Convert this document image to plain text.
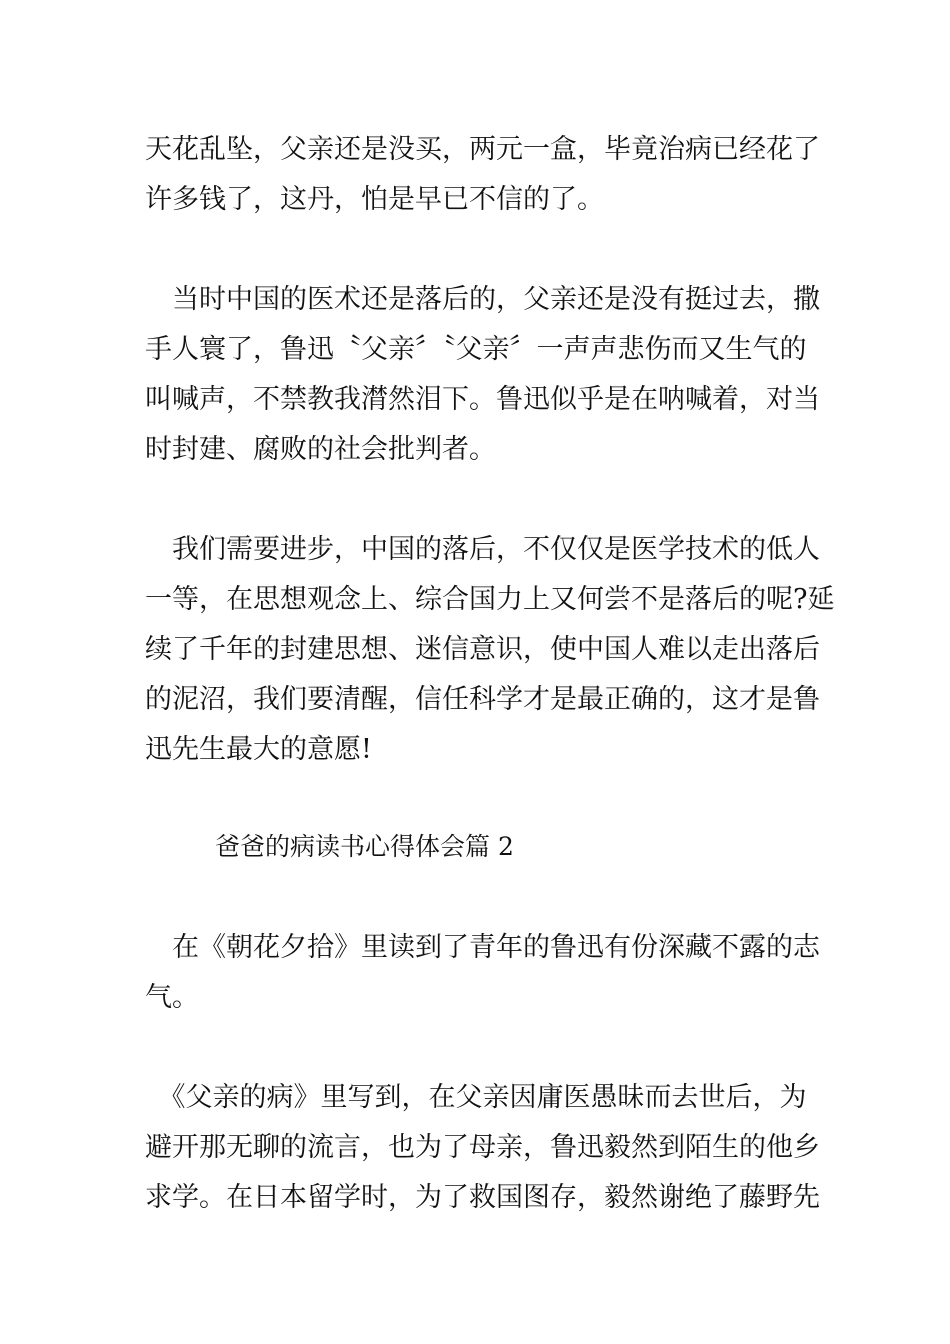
天花乱坠，父亲还是没买，两元一盒，毕竟治病已经花了
许多钱了，这丹，怕是早已不信的了。
　当时中国的医术还是落后的，父亲还是没有挺过去，撒
手人寰了，鲁迅〝父亲〞〝父亲〞一声声悲伤而又生气的
叫喊声，不禁教我潸然泪下。鲁迅似乎是在呐喊着，对当
时封建、腐败的社会批判者。
　我们需要进步，中国的落后，不仅仅是医学技术的低人
一等，在思想观念上、综合国力上又何尝不是落后的呢?延
续了千年的封建思想、迷信意识，使中国人难以走出落后
的泥沼，我们要清醒，信任科学才是最正确的，这才是鲁
迅先生最大的意愿!
爸爸的病读书心得体会篇 2
　在《朝花夕拾》里读到了青年的鲁迅有份深藏不露的志
气。
　《父亲的病》里写到，在父亲因庸医愚昧而去世后，为
避开那无聊的流言，也为了母亲，鲁迅毅然到陌生的他乡
求学。在日本留学时，为了救国图存，毅然谢绝了藤野先
